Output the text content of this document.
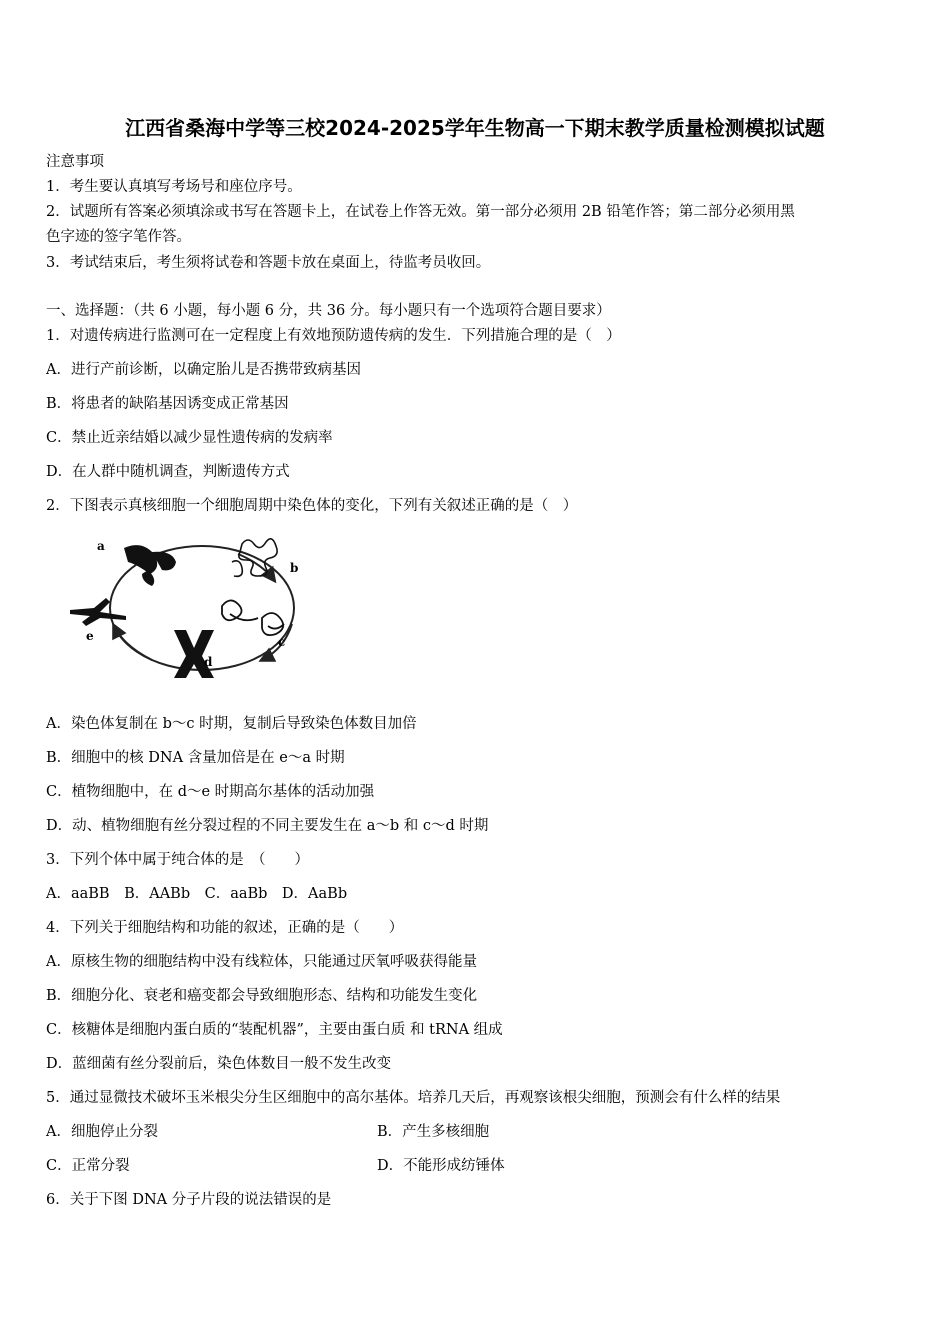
江西省桑海中学等三校2024-2025学年生物高一下期末教学质量检测模拟试题
注意事项
1．考生要认真填写考场号和座位序号。
2．试题所有答案必须填涂或书写在答题卡上，在试卷上作答无效。第一部分必须用 2B 铅笔作答；第二部分必须用黑
色字迹的签字笔作答。
3．考试结束后，考生须将试卷和答题卡放在桌面上，待监考员收回。
一、选择题：（共 6 小题，每小题 6 分，共 36 分。每小题只有一个选项符合题目要求）
1．对遗传病进行监测可在一定程度上有效地预防遗传病的发生．下列措施合理的是（　）
A．进行产前诊断，以确定胎儿是否携带致病基因
B．将患者的缺陷基因诱变成正常基因
C．禁止近亲结婚以减少显性遗传病的发病率
D．在人群中随机调查，判断遗传方式
2．下图表示真核细胞一个细胞周期中染色体的变化，下列有关叙述正确的是（　）
a
b
c
d
e
A．染色体复制在 b～c 时期，复制后导致染色体数目加倍
B．细胞中的核 DNA 含量加倍是在 e～a 时期
C．植物细胞中，在 d～e 时期高尔基体的活动加强
D．动、植物细胞有丝分裂过程的不同主要发生在 a～b 和 c～d 时期
3．下列个体中属于纯合体的是　（　　）
A．aaBB　B．AABb　C．aaBb　D．AaBb
4．下列关于细胞结构和功能的叙述，正确的是（　　）
A．原核生物的细胞结构中没有线粒体，只能通过厌氧呼吸获得能量
B．细胞分化、衰老和癌变都会导致细胞形态、结构和功能发生变化
C．核糖体是细胞内蛋白质的“装配机器”，主要由蛋白质 和 tRNA 组成
D．蓝细菌有丝分裂前后，染色体数目一般不发生改变
5．通过显微技术破坏玉米根尖分生区细胞中的高尔基体。培养几天后，再观察该根尖细胞，预测会有什么样的结果
A．细胞停止分裂	B．产生多核细胞
C．正常分裂	D．不能形成纺锤体
6．关于下图 DNA 分子片段的说法错误的是
